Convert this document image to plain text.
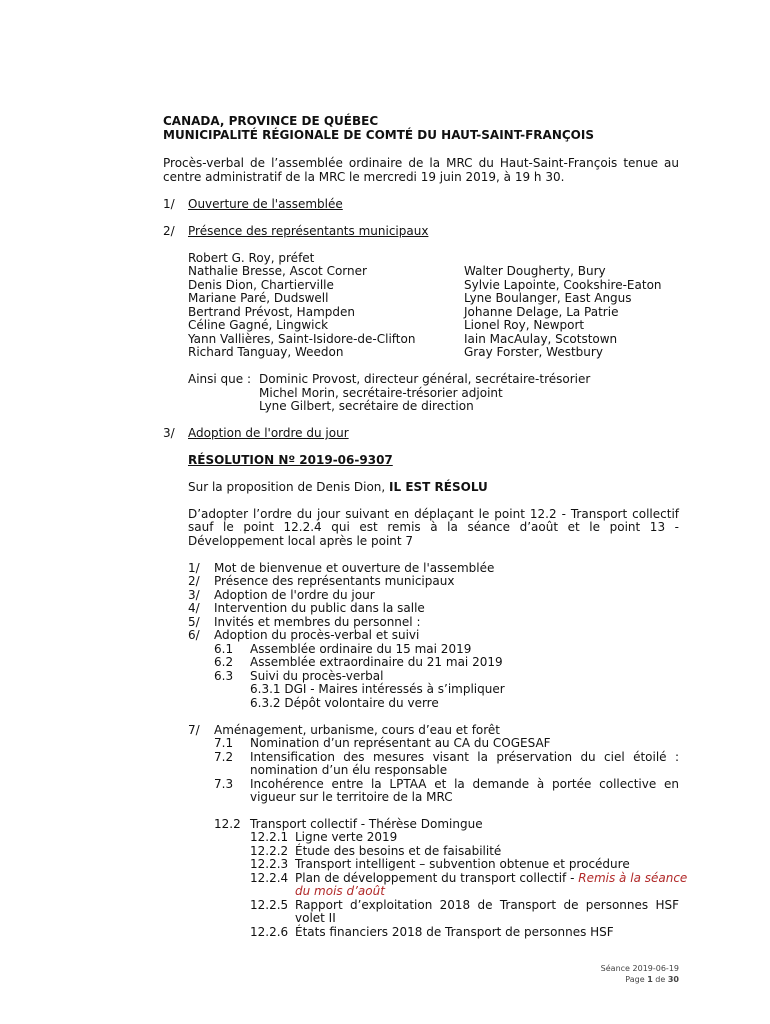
CANADA, PROVINCE DE QUÉBEC
MUNICIPALITÉ RÉGIONALE DE COMTÉ DU HAUT-SAINT-FRANÇOIS
Procès-verbal de l’assemblée ordinaire de la MRC du Haut-Saint-François tenue au
centre administratif de la MRC le mercredi 19 juin 2019, à 19 h 30.
1/ Ouverture de l'assemblée
2/ Présence des représentants municipaux
Robert G. Roy, préfet
Nathalie Bresse, Ascot Corner
Denis Dion, Chartierville
Mariane Paré, Dudswell
Bertrand Prévost, Hampden
Céline Gagné, Lingwick
Yann Vallières, Saint-Isidore-de-Clifton
Richard Tanguay, Weedon
Walter Dougherty, Bury
Sylvie Lapointe, Cookshire-Eaton
Lyne Boulanger, East Angus
Johanne Delage, La Patrie
Lionel Roy, Newport
Iain MacAulay, Scotstown
Gray Forster, Westbury
Ainsi que : Dominic Provost, directeur général, secrétaire-trésorier
Michel Morin, secrétaire-trésorier adjoint
Lyne Gilbert, secrétaire de direction
3/ Adoption de l'ordre du jour
RÉSOLUTION Nº 2019-06-9307
Sur la proposition de Denis Dion, IL EST RÉSOLU
D’adopter l’ordre du jour suivant en déplaçant le point 12.2 - Transport collectif
sauf le point 12.2.4 qui est remis à la séance d’août et le point 13 -
Développement local après le point 7
1/ Mot de bienvenue et ouverture de l'assemblée
2/ Présence des représentants municipaux
3/ Adoption de l'ordre du jour
4/ Intervention du public dans la salle
5/ Invités et membres du personnel :
6/ Adoption du procès-verbal et suivi
6.1 Assemblée ordinaire du 15 mai 2019
6.2 Assemblée extraordinaire du 21 mai 2019
6.3 Suivi du procès-verbal
6.3.1 DGI - Maires intéressés à s’impliquer
6.3.2 Dépôt volontaire du verre
7/ Aménagement, urbanisme, cours d’eau et forêt
7.1 Nomination d’un représentant au CA du COGESAF
7.2 Intensification des mesures visant la préservation du ciel étoilé :
nomination d’un élu responsable
7.3 Incohérence entre la LPTAA et la demande à portée collective en
vigueur sur le territoire de la MRC
12.2 Transport collectif - Thérèse Domingue
12.2.1 Ligne verte 2019
12.2.2 Étude des besoins et de faisabilité
12.2.3 Transport intelligent – subvention obtenue et procédure
12.2.4 Plan de développement du transport collectif - Remis à la séance
du mois d’août
12.2.5 Rapport d’exploitation 2018 de Transport de personnes HSF
volet II
12.2.6 États financiers 2018 de Transport de personnes HSF
Séance 2019-06-19
Page 1 de 30
